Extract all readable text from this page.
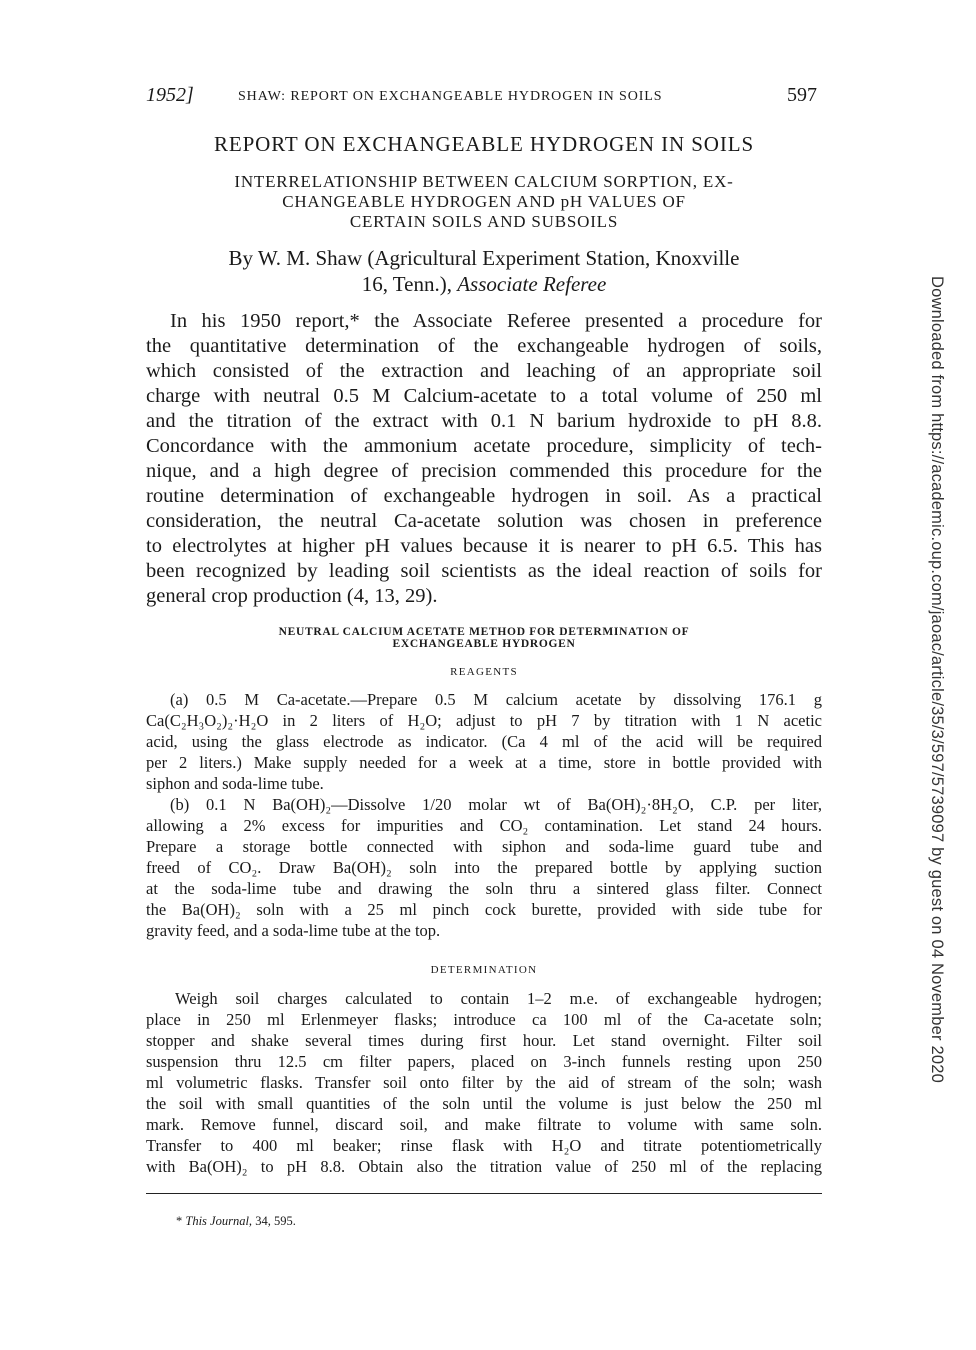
1952]	SHAW: REPORT ON EXCHANGEABLE HYDROGEN IN SOILS	597
REPORT ON EXCHANGEABLE HYDROGEN IN SOILS
INTERRELATIONSHIP BETWEEN CALCIUM SORPTION, EX-
CHANGEABLE HYDROGEN AND pH VALUES OF
CERTAIN SOILS AND SUBSOILS
By W. M. Shaw (Agricultural Experiment Station, Knoxville
16, Tenn.), Associate Referee
In his 1950 report,* the Associate Referee presented a procedure for
the quantitative determination of the exchangeable hydrogen of soils,
which consisted of the extraction and leaching of an appropriate soil
charge with neutral 0.5 M Calcium-acetate to a total volume of 250 ml
and the titration of the extract with 0.1 N barium hydroxide to pH 8.8.
Concordance with the ammonium acetate procedure, simplicity of tech-
nique, and a high degree of precision commended this procedure for the
routine determination of exchangeable hydrogen in soil. As a practical
consideration, the neutral Ca-acetate solution was chosen in preference
to electrolytes at higher pH values because it is nearer to pH 6.5. This has
been recognized by leading soil scientists as the ideal reaction of soils for
general crop production (4, 13, 29).
NEUTRAL CALCIUM ACETATE METHOD FOR DETERMINATION OF
EXCHANGEABLE HYDROGEN
REAGENTS
(a) 0.5 M Ca-acetate.—Prepare 0.5 M calcium acetate by dissolving 176.1 g
Ca(C₂H₃O₂)₂·H₂O in 2 liters of H₂O; adjust to pH 7 by titration with 1 N acetic
acid, using the glass electrode as indicator. (Ca 4 ml of the acid will be required
per 2 liters.) Make supply needed for a week at a time, store in bottle provided with
siphon and soda-lime tube.
(b) 0.1 N Ba(OH)₂—Dissolve 1/20 molar wt of Ba(OH)₂·8H₂O, C.P. per liter,
allowing a 2% excess for impurities and CO₂ contamination. Let stand 24 hours.
Prepare a storage bottle connected with siphon and soda-lime guard tube and
freed of CO₂. Draw Ba(OH)₂ soln into the prepared bottle by applying suction
at the soda-lime tube and drawing the soln thru a sintered glass filter. Connect
the Ba(OH)₂ soln with a 25 ml pinch cock burette, provided with side tube for
gravity feed, and a soda-lime tube at the top.
DETERMINATION
Weigh soil charges calculated to contain 1–2 m.e. of exchangeable hydrogen;
place in 250 ml Erlenmeyer flasks; introduce ca 100 ml of the Ca-acetate soln;
stopper and shake several times during first hour. Let stand overnight. Filter soil
suspension thru 12.5 cm filter papers, placed on 3-inch funnels resting upon 250
ml volumetric flasks. Transfer soil onto filter by the aid of stream of the soln; wash
the soil with small quantities of the soln until the volume is just below the 250 ml
mark. Remove funnel, discard soil, and make filtrate to volume with same soln.
Transfer to 400 ml beaker; rinse flask with H₂O and titrate potentiometrically
with Ba(OH)₂ to pH 8.8. Obtain also the titration value of 250 ml of the replacing
* This Journal, 34, 595.
Downloaded from https://academic.oup.com/jaoac/article/35/3/597/5739097 by guest on 04 November 2020
